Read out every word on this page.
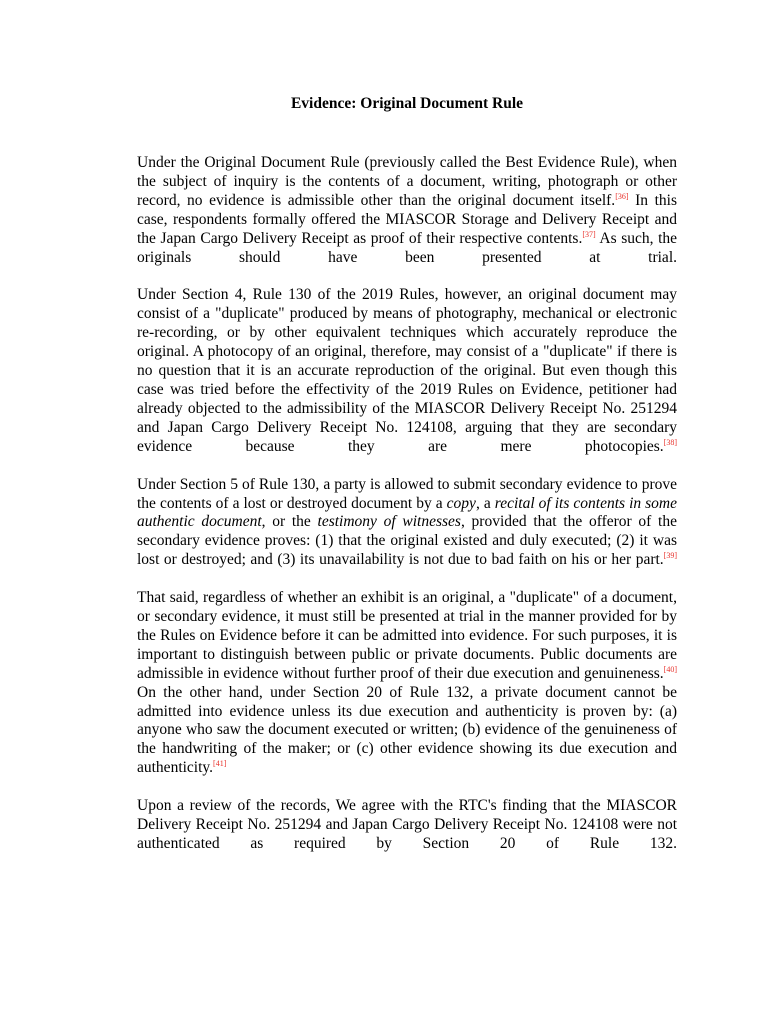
Evidence: Original Document Rule

Under the Original Document Rule (previously called the Best Evidence Rule), when the subject of inquiry is the contents of a document, writing, photograph or other record, no evidence is admissible other than the original document itself.[36] In this case, respondents formally offered the MIASCOR Storage and Delivery Receipt and the Japan Cargo Delivery Receipt as proof of their respective contents.[37] As such, the originals should have been presented at trial.

Under Section 4, Rule 130 of the 2019 Rules, however, an original document may consist of a "duplicate" produced by means of photography, mechanical or electronic re-recording, or by other equivalent techniques which accurately reproduce the original. A photocopy of an original, therefore, may consist of a "duplicate" if there is no question that it is an accurate reproduction of the original. But even though this case was tried before the effectivity of the 2019 Rules on Evidence, petitioner had already objected to the admissibility of the MIASCOR Delivery Receipt No. 251294 and Japan Cargo Delivery Receipt No. 124108, arguing that they are secondary evidence because they are mere photocopies.[38]

Under Section 5 of Rule 130, a party is allowed to submit secondary evidence to prove the contents of a lost or destroyed document by a copy, a recital of its contents in some authentic document, or the testimony of witnesses, provided that the offeror of the secondary evidence proves: (1) that the original existed and duly executed; (2) it was lost or destroyed; and (3) its unavailability is not due to bad faith on his or her part.[39]

That said, regardless of whether an exhibit is an original, a "duplicate" of a document, or secondary evidence, it must still be presented at trial in the manner provided for by the Rules on Evidence before it can be admitted into evidence. For such purposes, it is important to distinguish between public or private documents. Public documents are admissible in evidence without further proof of their due execution and genuineness.[40] On the other hand, under Section 20 of Rule 132, a private document cannot be admitted into evidence unless its due execution and authenticity is proven by: (a) anyone who saw the document executed or written; (b) evidence of the genuineness of the handwriting of the maker; or (c) other evidence showing its due execution and authenticity.[41]

Upon a review of the records, We agree with the RTC's finding that the MIASCOR Delivery Receipt No. 251294 and Japan Cargo Delivery Receipt No. 124108 were not authenticated as required by Section 20 of Rule 132.
